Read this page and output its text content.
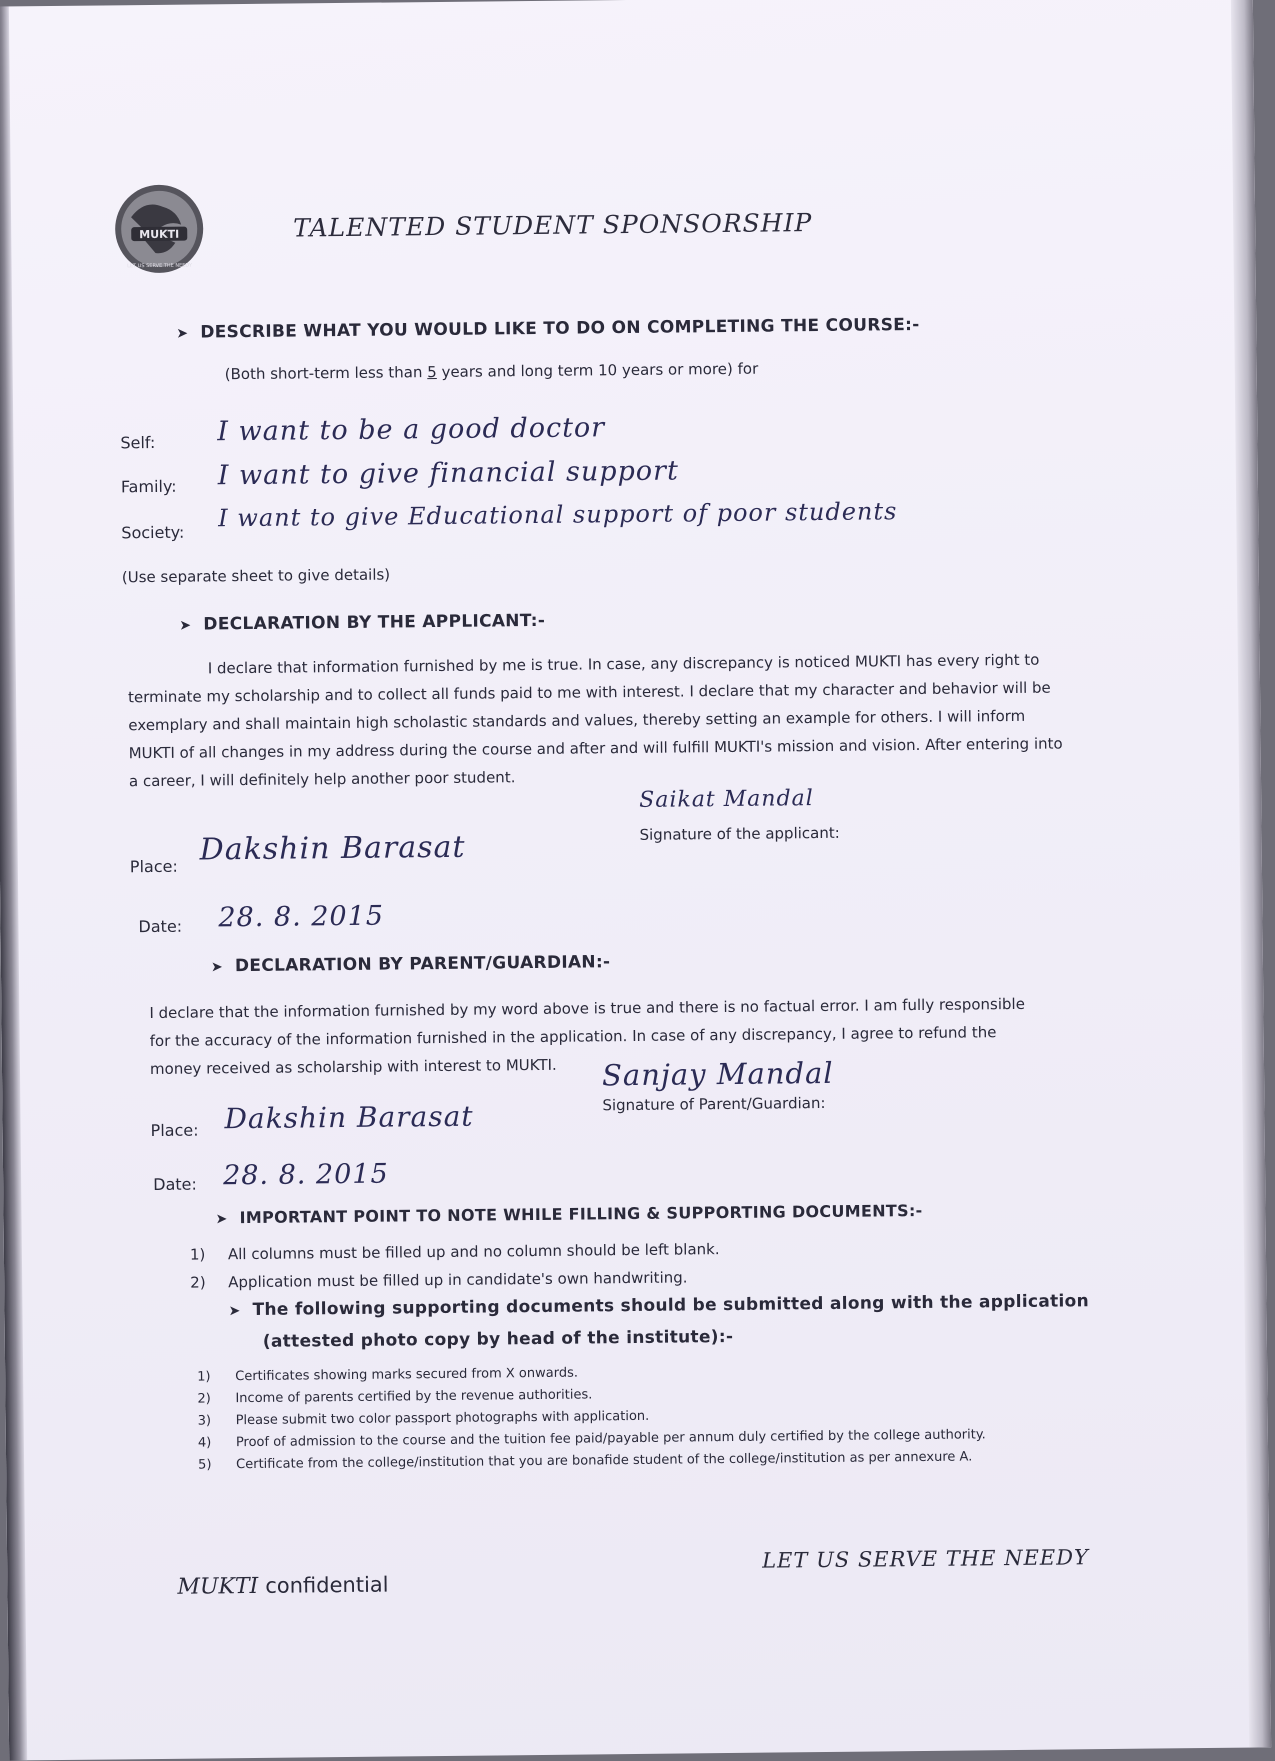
MUKTI
LET US SERVE THE NEEDY
TALENTED STUDENT SPONSORSHIP
➤ DESCRIBE WHAT YOU WOULD LIKE TO DO ON COMPLETING THE COURSE:-
(Both short-term less than 5 years and long term 10 years or more) for
Self: I want to be a good doctor
Family: I want to give financial support
Society:
I want to give Educational support of poor students
(Use separate sheet to give details)
➤ DECLARATION BY THE APPLICANT:-
I declare that information furnished by me is true. In case, any discrepancy is noticed MUKTI has every right to terminate my scholarship and to collect all funds paid to me with interest. I declare that my character and behavior will be exemplary and shall maintain high scholastic standards and values, thereby setting an example for others. I will inform MUKTI of all changes in my address during the course and after and will fulfill MUKTI's mission and vision. After entering into a career, I will definitely help another poor student.
Saikat Mandal
Signature of the applicant:
Place: Dakshin Barasat
Date: 28. 8. 2015
➤ DECLARATION BY PARENT/GUARDIAN:-
I declare that the information furnished by my word above is true and there is no factual error. I am fully responsible for the accuracy of the information furnished in the application. In case of any discrepancy, I agree to refund the money received as scholarship with interest to MUKTI.	Sanjay Mandal
Signature of Parent/Guardian:
Place: Dakshin Barasat
Date: 28. 8. 2015
➤ IMPORTANT POINT TO NOTE WHILE FILLING & SUPPORTING DOCUMENTS:-
1) All columns must be filled up and no column should be left blank.
2) Application must be filled up in candidate's own handwriting.
➤ The following supporting documents should be submitted along with the application
(attested photo copy by head of the institute):-
1) Certificates showing marks secured from X onwards.
2) Income of parents certified by the revenue authorities.
3) Please submit two color passport photographs with application.
4) Proof of admission to the course and the tuition fee paid/payable per annum duly certified by the college authority.
5) Certificate from the college/institution that you are bonafide student of the college/institution as per annexure A.
MUKTI confidential
LET US SERVE THE NEEDY
